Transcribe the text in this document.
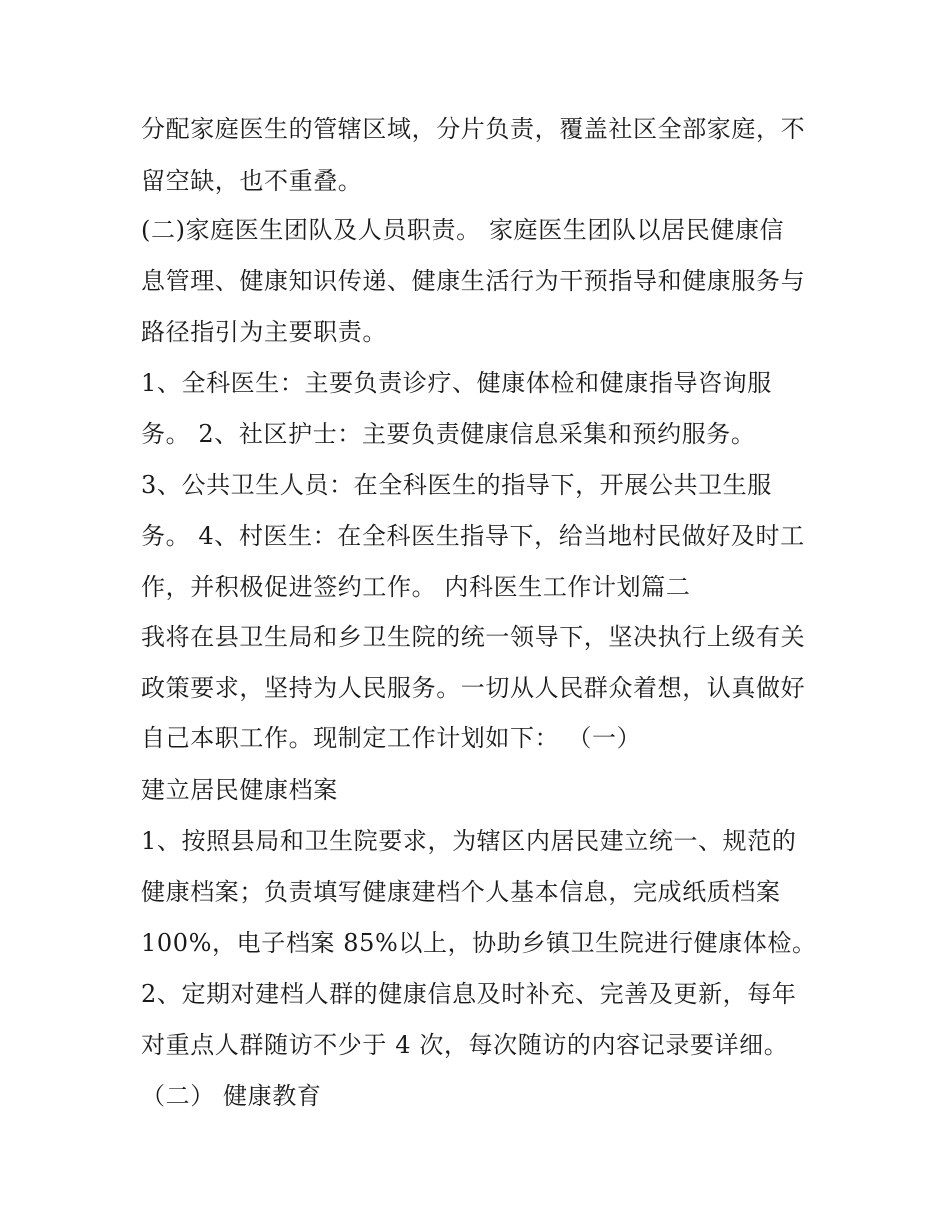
分配家庭医生的管辖区域，分片负责，覆盖社区全部家庭，不
留空缺，也不重叠。
(二)家庭医生团队及人员职责。 家庭医生团队以居民健康信
息管理、健康知识传递、健康生活行为干预指导和健康服务与
路径指引为主要职责。
1、全科医生：主要负责诊疗、健康体检和健康指导咨询服
务。 2、社区护士：主要负责健康信息采集和预约服务。
3、公共卫生人员：在全科医生的指导下，开展公共卫生服
务。 4、村医生：在全科医生指导下，给当地村民做好及时工
作，并积极促进签约工作。 内科医生工作计划篇二
我将在县卫生局和乡卫生院的统一领导下，坚决执行上级有关
政策要求，坚持为人民服务。一切从人民群众着想，认真做好
自己本职工作。现制定工作计划如下： （一）
建立居民健康档案
1、按照县局和卫生院要求，为辖区内居民建立统一、规范的
健康档案；负责填写健康建档个人基本信息，完成纸质档案
100%，电子档案 85%以上，协助乡镇卫生院进行健康体检。
2、定期对建档人群的健康信息及时补充、完善及更新，每年
对重点人群随访不少于 4 次，每次随访的内容记录要详细。
（二） 健康教育
